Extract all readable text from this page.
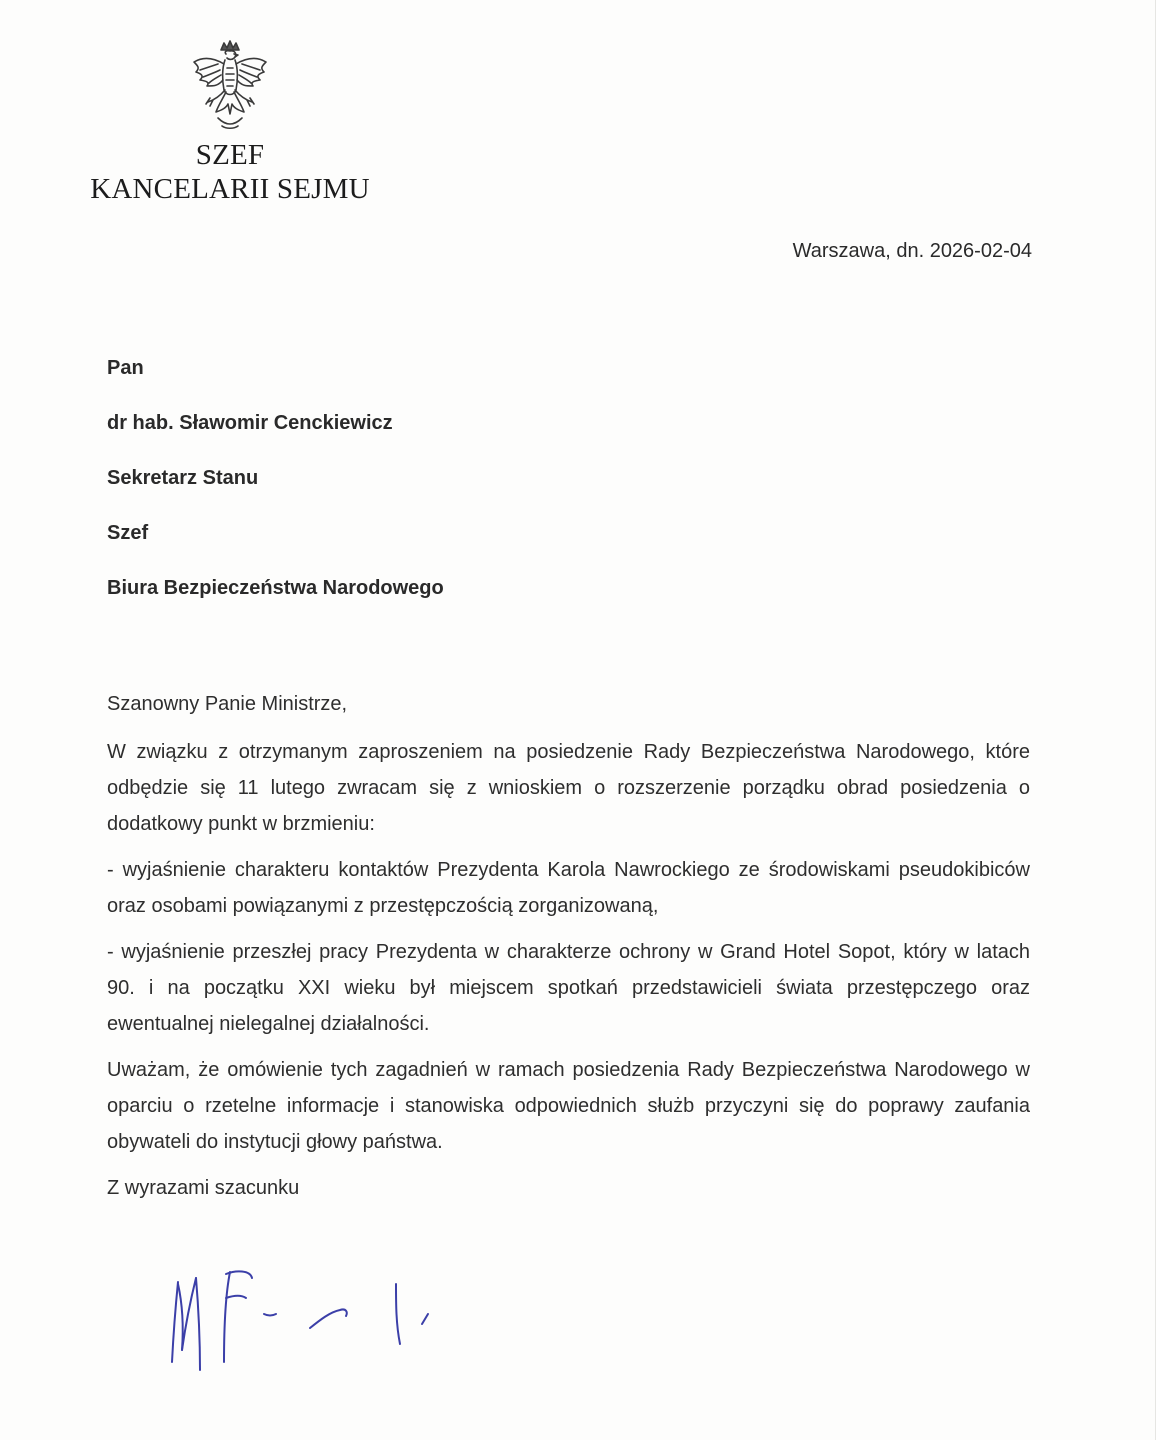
SZEF
KANCELARII SEJMU
Warszawa, dn. 2026-02-04
Pan
dr hab. Sławomir Cenckiewicz
Sekretarz Stanu
Szef
Biura Bezpieczeństwa Narodowego

Szanowny Panie Ministrze,

W związku z otrzymanym zaproszeniem na posiedzenie Rady Bezpieczeństwa Narodowego, które odbędzie się 11 lutego zwracam się z wnioskiem o rozszerzenie porządku obrad posiedzenia o dodatkowy punkt w brzmieniu:

- wyjaśnienie charakteru kontaktów Prezydenta Karola Nawrockiego ze środowiskami pseudokibiców oraz osobami powiązanymi z przestępczością zorganizowaną,

- wyjaśnienie przeszłej pracy Prezydenta w charakterze ochrony w Grand Hotel Sopot, który w latach 90. i na początku XXI wieku był miejscem spotkań przedstawicieli świata przestępczego oraz ewentualnej nielegalnej działalności.

Uważam, że omówienie tych zagadnień w ramach posiedzenia Rady Bezpieczeństwa Narodowego w oparciu o rzetelne informacje i stanowiska odpowiednich służb przyczyni się do poprawy zaufania obywateli do instytucji głowy państwa.

Z wyrazami szacunku
